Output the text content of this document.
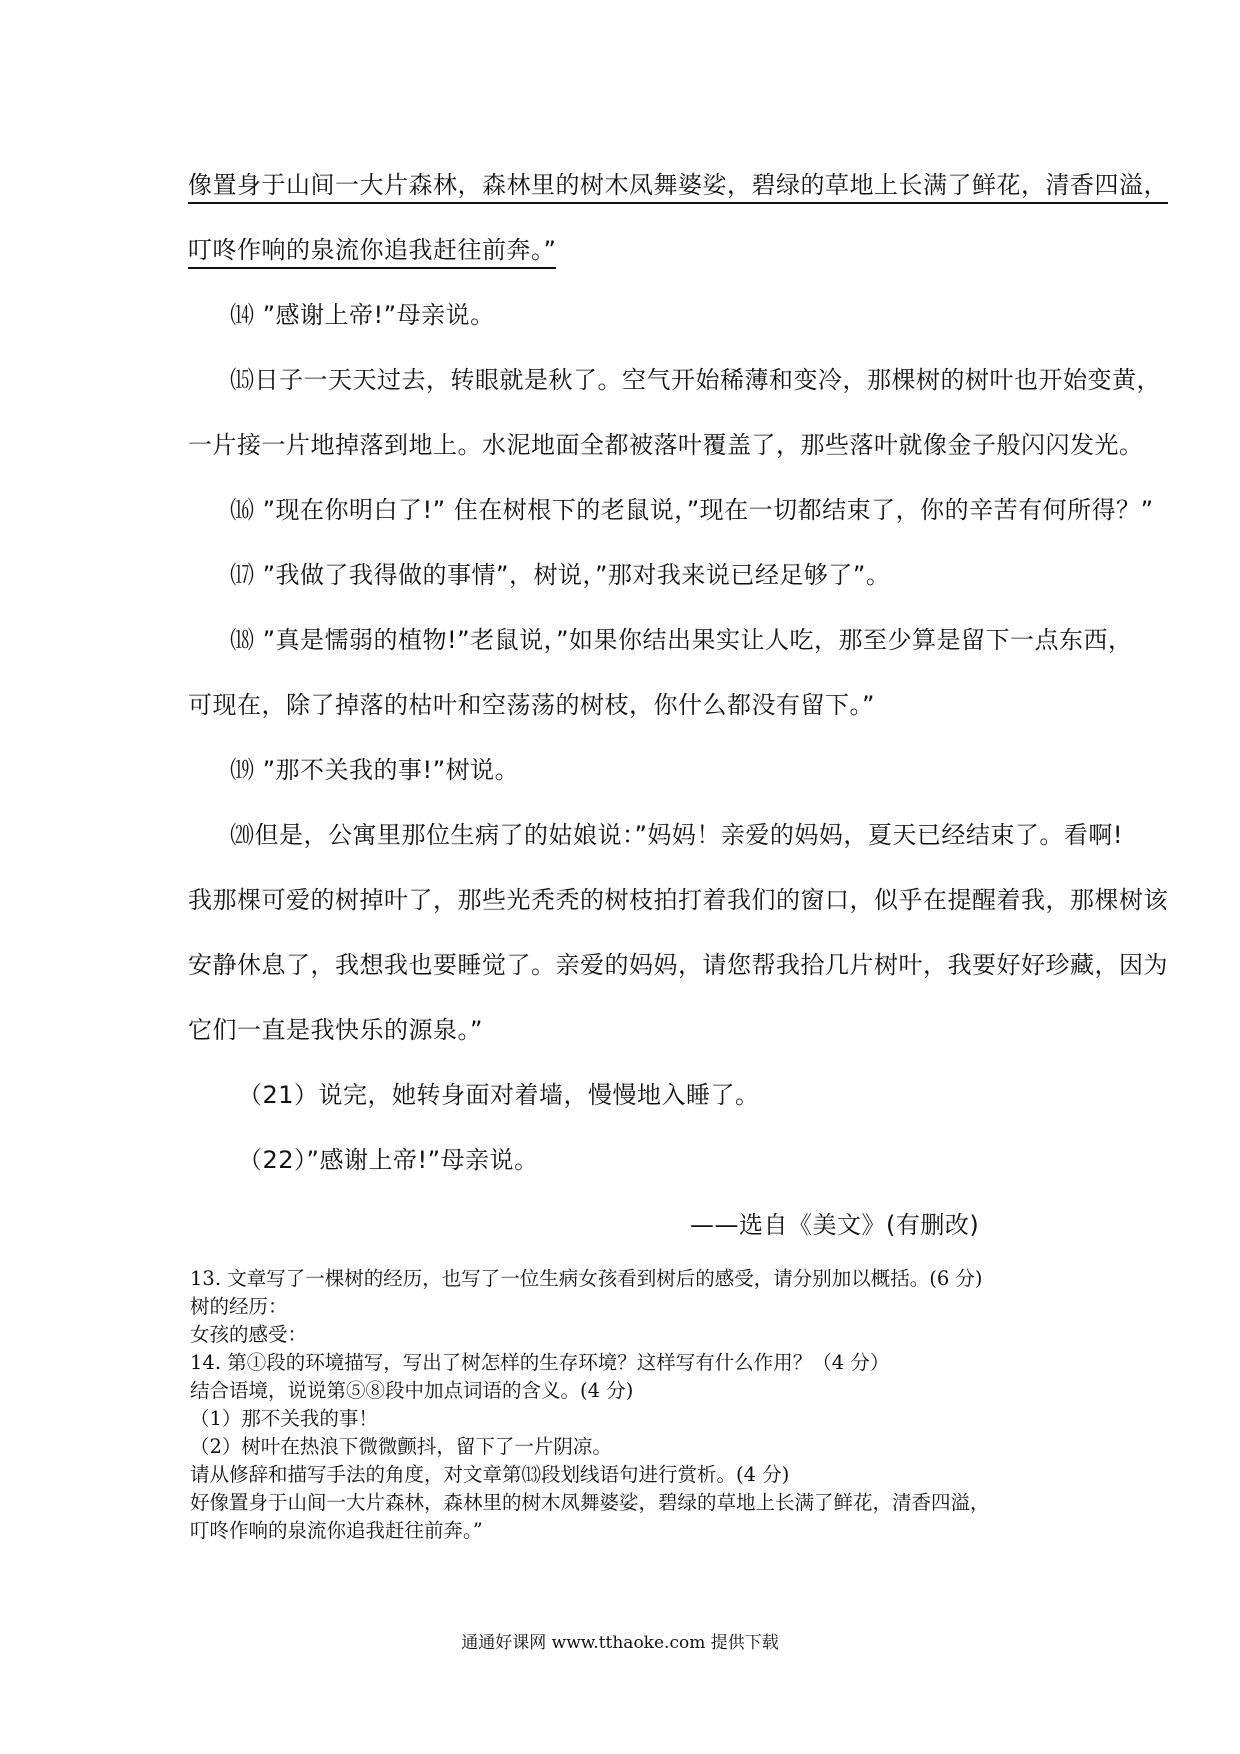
像置身于山间一大片森林，森林里的树木凤舞婆娑，碧绿的草地上长满了鲜花，清香四溢，
叮咚作响的泉流你追我赶往前奔。”
⒁ ”感谢上帝!”母亲说。
⒂日子一天天过去，转眼就是秋了。空气开始稀薄和变冷，那棵树的树叶也开始变黄，
一片接一片地掉落到地上。水泥地面全都被落叶覆盖了，那些落叶就像金子般闪闪发光。
⒃ ”现在你明白了!” 住在树根下的老鼠说，”现在一切都结束了，你的辛苦有何所得？”
⒄ ”我做了我得做的事情”，树说，”那对我来说已经足够了”。
⒅ ”真是懦弱的植物!”老鼠说，”如果你结出果实让人吃，那至少算是留下一点东西，
可现在，除了掉落的枯叶和空荡荡的树枝，你什么都没有留下。”
⒆ ”那不关我的事!”树说。
⒇但是，公寓里那位生病了的姑娘说：”妈妈！亲爱的妈妈，夏天已经结束了。看啊!
我那棵可爱的树掉叶了，那些光秃秃的树枝拍打着我们的窗口，似乎在提醒着我，那棵树该
安静休息了，我想我也要睡觉了。亲爱的妈妈，请您帮我拾几片树叶，我要好好珍藏，因为
它们一直是我快乐的源泉。”
（21）说完，她转身面对着墙，慢慢地入睡了。
（22）”感谢上帝!”母亲说。
——选自《美文》(有删改)
13. 文章写了一棵树的经历，也写了一位生病女孩看到树后的感受，请分别加以概括。(6 分)
树的经历：
女孩的感受：
14. 第①段的环境描写，写出了树怎样的生存环境？这样写有什么作用？（4 分）
结合语境，说说第⑤⑧段中加点词语的含义。(4 分)
（1）那不关我的事！
（2）树叶在热浪下微微颤抖，留下了一片阴凉。
请从修辞和描写手法的角度，对文章第⒀段划线语句进行赏析。(4 分)
好像置身于山间一大片森林，森林里的树木凤舞婆娑，碧绿的草地上长满了鲜花，清香四溢，
叮咚作响的泉流你追我赶往前奔。”
通通好课网 www.tthaoke.com 提供下载
